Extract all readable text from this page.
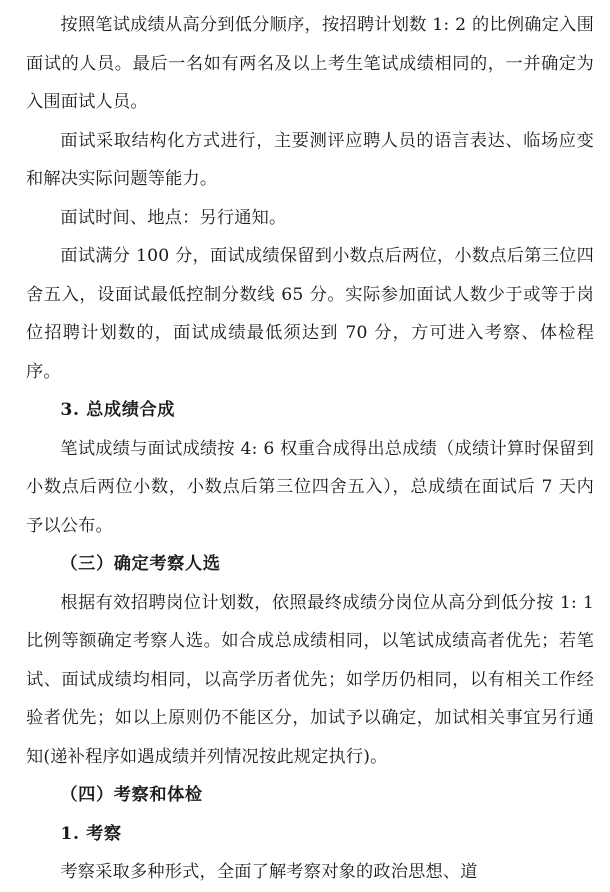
按照笔试成绩从高分到低分顺序，按招聘计划数 1: 2 的比例确定入围面试的人员。最后一名如有两名及以上考生笔试成绩相同的，一并确定为入围面试人员。

面试采取结构化方式进行，主要测评应聘人员的语言表达、临场应变和解决实际问题等能力。

面试时间、地点：另行通知。

面试满分 100 分，面试成绩保留到小数点后两位，小数点后第三位四舍五入，设面试最低控制分数线 65 分。实际参加面试人数少于或等于岗位招聘计划数的，面试成绩最低须达到 70 分，方可进入考察、体检程序。

3. 总成绩合成

笔试成绩与面试成绩按 4: 6 权重合成得出总成绩（成绩计算时保留到小数点后两位小数，小数点后第三位四舍五入），总成绩在面试后 7 天内予以公布。

（三）确定考察人选

根据有效招聘岗位计划数，依照最终成绩分岗位从高分到低分按 1: 1 比例等额确定考察人选。如合成总成绩相同，以笔试成绩高者优先；若笔试、面试成绩均相同，以高学历者优先；如学历仍相同，以有相关工作经验者优先；如以上原则仍不能区分，加试予以确定，加试相关事宜另行通知(递补程序如遇成绩并列情况按此规定执行)。

（四）考察和体检

1. 考察

考察采取多种形式，全面了解考察对象的政治思想、道
